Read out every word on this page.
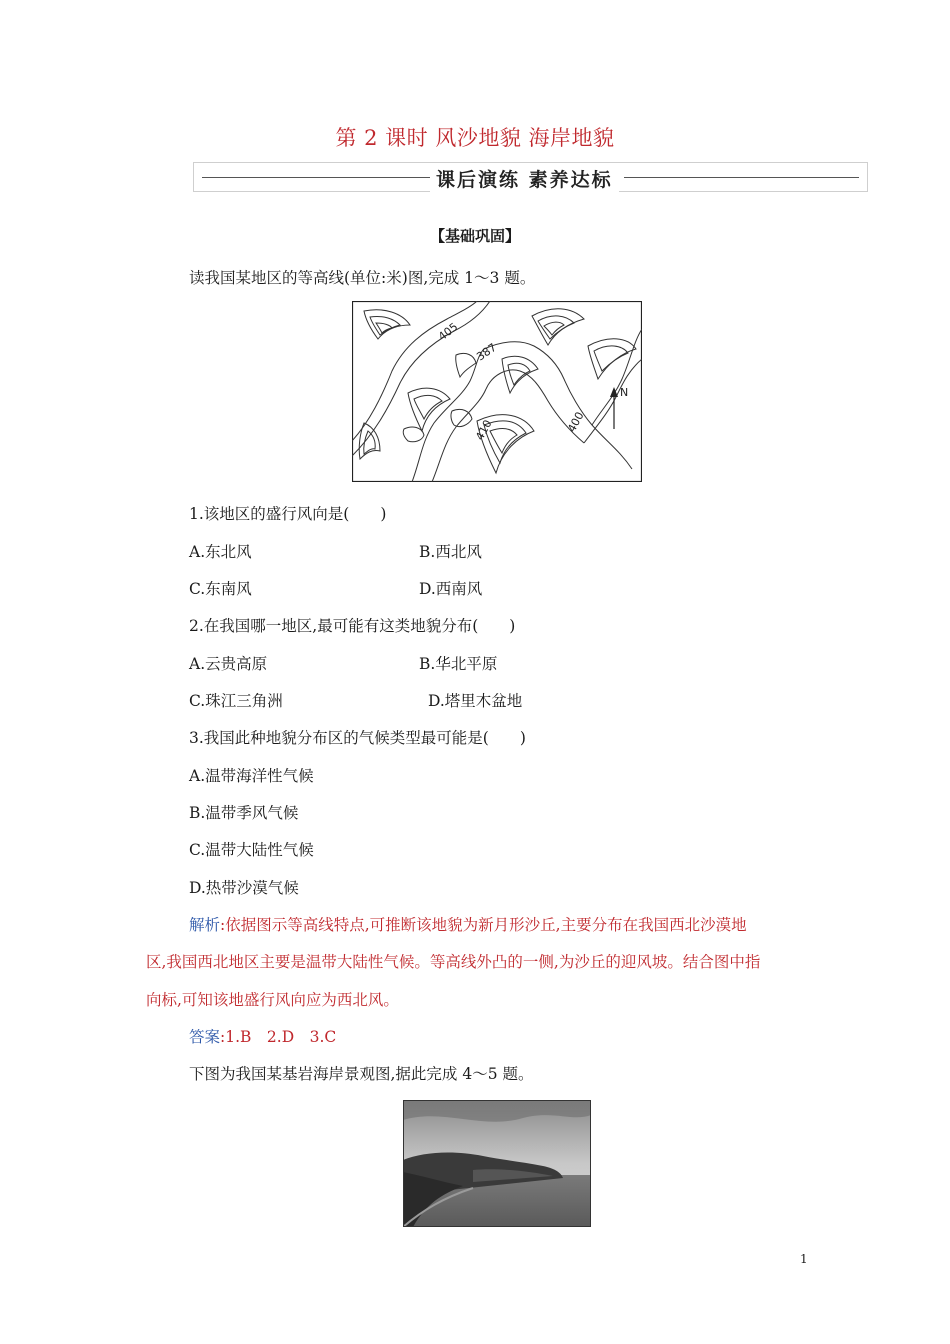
第 2 课时 风沙地貌 海岸地貌
课后演练 素养达标
【基础巩固】
读我国某地区的等高线(单位:米)图,完成 1～3 题。
405
387
410	400
N
1.该地区的盛行风向是(　　)
A.东北风	B.西北风
C.东南风	D.西南风
2.在我国哪一地区,最可能有这类地貌分布(　　)
A.云贵高原	B.华北平原
C.珠江三角洲	D.塔里木盆地
3.我国此种地貌分布区的气候类型最可能是(　　)
A.温带海洋性气候
B.温带季风气候
C.温带大陆性气候
D.热带沙漠气候
解析:依据图示等高线特点,可推断该地貌为新月形沙丘,主要分布在我国西北沙漠地
区,我国西北地区主要是温带大陆性气候。等高线外凸的一侧,为沙丘的迎风坡。结合图中指
向标,可知该地盛行风向应为西北风。
答案:1.B　2.D　3.C
下图为我国某基岩海岸景观图,据此完成 4～5 题。
1
